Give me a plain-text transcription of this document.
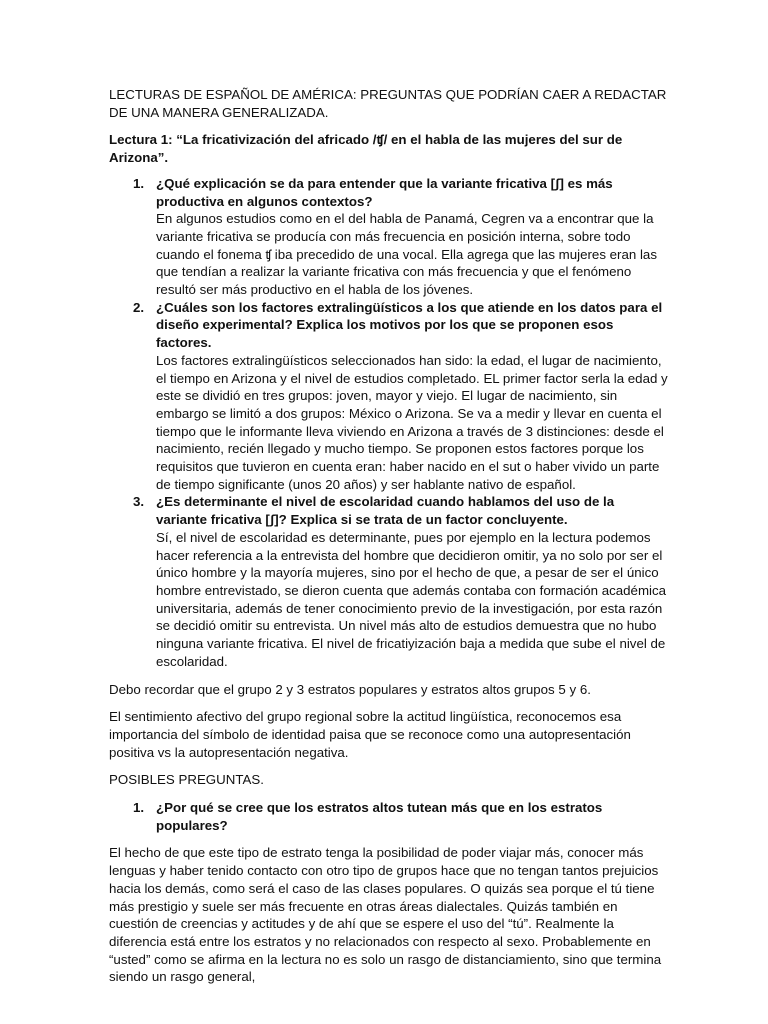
LECTURAS DE ESPAÑOL DE AMÉRICA: PREGUNTAS QUE PODRÍAN CAER A REDACTAR DE UNA MANERA GENERALIZADA.

Lectura 1: “La fricativización del africado /ʧ/ en el habla de las mujeres del sur de Arizona”.

1. ¿Qué explicación se da para entender que la variante fricativa [ʃ] es más productiva en algunos contextos?

En algunos estudios como en el del habla de Panamá, Cegren va a encontrar que la variante fricativa se producía con más frecuencia en posición interna, sobre todo cuando el fonema ʧ iba precedido de una vocal. Ella agrega que las mujeres eran las que tendían a realizar la variante fricativa con más frecuencia y que el fenómeno resultó ser más productivo en el habla de los jóvenes.

2. ¿Cuáles son los factores extralingüísticos a los que atiende en los datos para el diseño experimental? Explica los motivos por los que se proponen esos factores.

Los factores extralingüísticos seleccionados han sido: la edad, el lugar de nacimiento, el tiempo en Arizona y el nivel de estudios completado. EL primer factor serla la edad y este se dividió en tres grupos: joven, mayor y viejo. El lugar de nacimiento, sin embargo se limitó a dos grupos: México o Arizona. Se va a medir y llevar en cuenta el tiempo que le informante lleva viviendo en Arizona a través de 3 distinciones: desde el nacimiento, recién llegado y mucho tiempo. Se proponen estos factores porque los requisitos que tuvieron en cuenta eran: haber nacido en el sut o haber vivido un parte de tiempo significante (unos 20 años) y ser hablante nativo de español.

3. ¿Es determinante el nivel de escolaridad cuando hablamos del uso de la variante fricativa [ʃ]? Explica si se trata de un factor concluyente.

Sí, el nivel de escolaridad es determinante, pues por ejemplo en la lectura podemos hacer referencia a la entrevista del hombre que decidieron omitir, ya no solo por ser el único hombre y la mayoría mujeres, sino por el hecho de que, a pesar de ser el único hombre entrevistado, se dieron cuenta que además contaba con formación académica universitaria, además de tener conocimiento previo de la investigación, por esta razón se decidió omitir su entrevista. Un nivel más alto de estudios demuestra que no hubo ninguna variante fricativa. El nivel de fricatiyización baja a medida que sube el nivel de escolaridad.

Debo recordar que el grupo 2 y 3 estratos populares y estratos altos grupos 5 y 6.

El sentimiento afectivo del grupo regional sobre la actitud lingüística, reconocemos esa importancia del símbolo de identidad paisa que se reconoce como una autopresentación positiva vs la autopresentación negativa.

POSIBLES PREGUNTAS.

1. ¿Por qué se cree que los estratos altos tutean más que en los estratos populares?

El hecho de que este tipo de estrato tenga la posibilidad de poder viajar más, conocer más lenguas y haber tenido contacto con otro tipo de grupos hace que no tengan tantos prejuicios hacia los demás, como será el caso de las clases populares. O quizás sea porque el tú tiene más prestigio y suele ser más frecuente en otras áreas dialectales. Quizás también en cuestión de creencias y actitudes y de ahí que se espere el uso del “tú”. Realmente la diferencia está entre los estratos y no relacionados con respecto al sexo. Probablemente en “usted” como se afirma en la lectura no es solo un rasgo de distanciamiento, sino que termina siendo un rasgo general,
